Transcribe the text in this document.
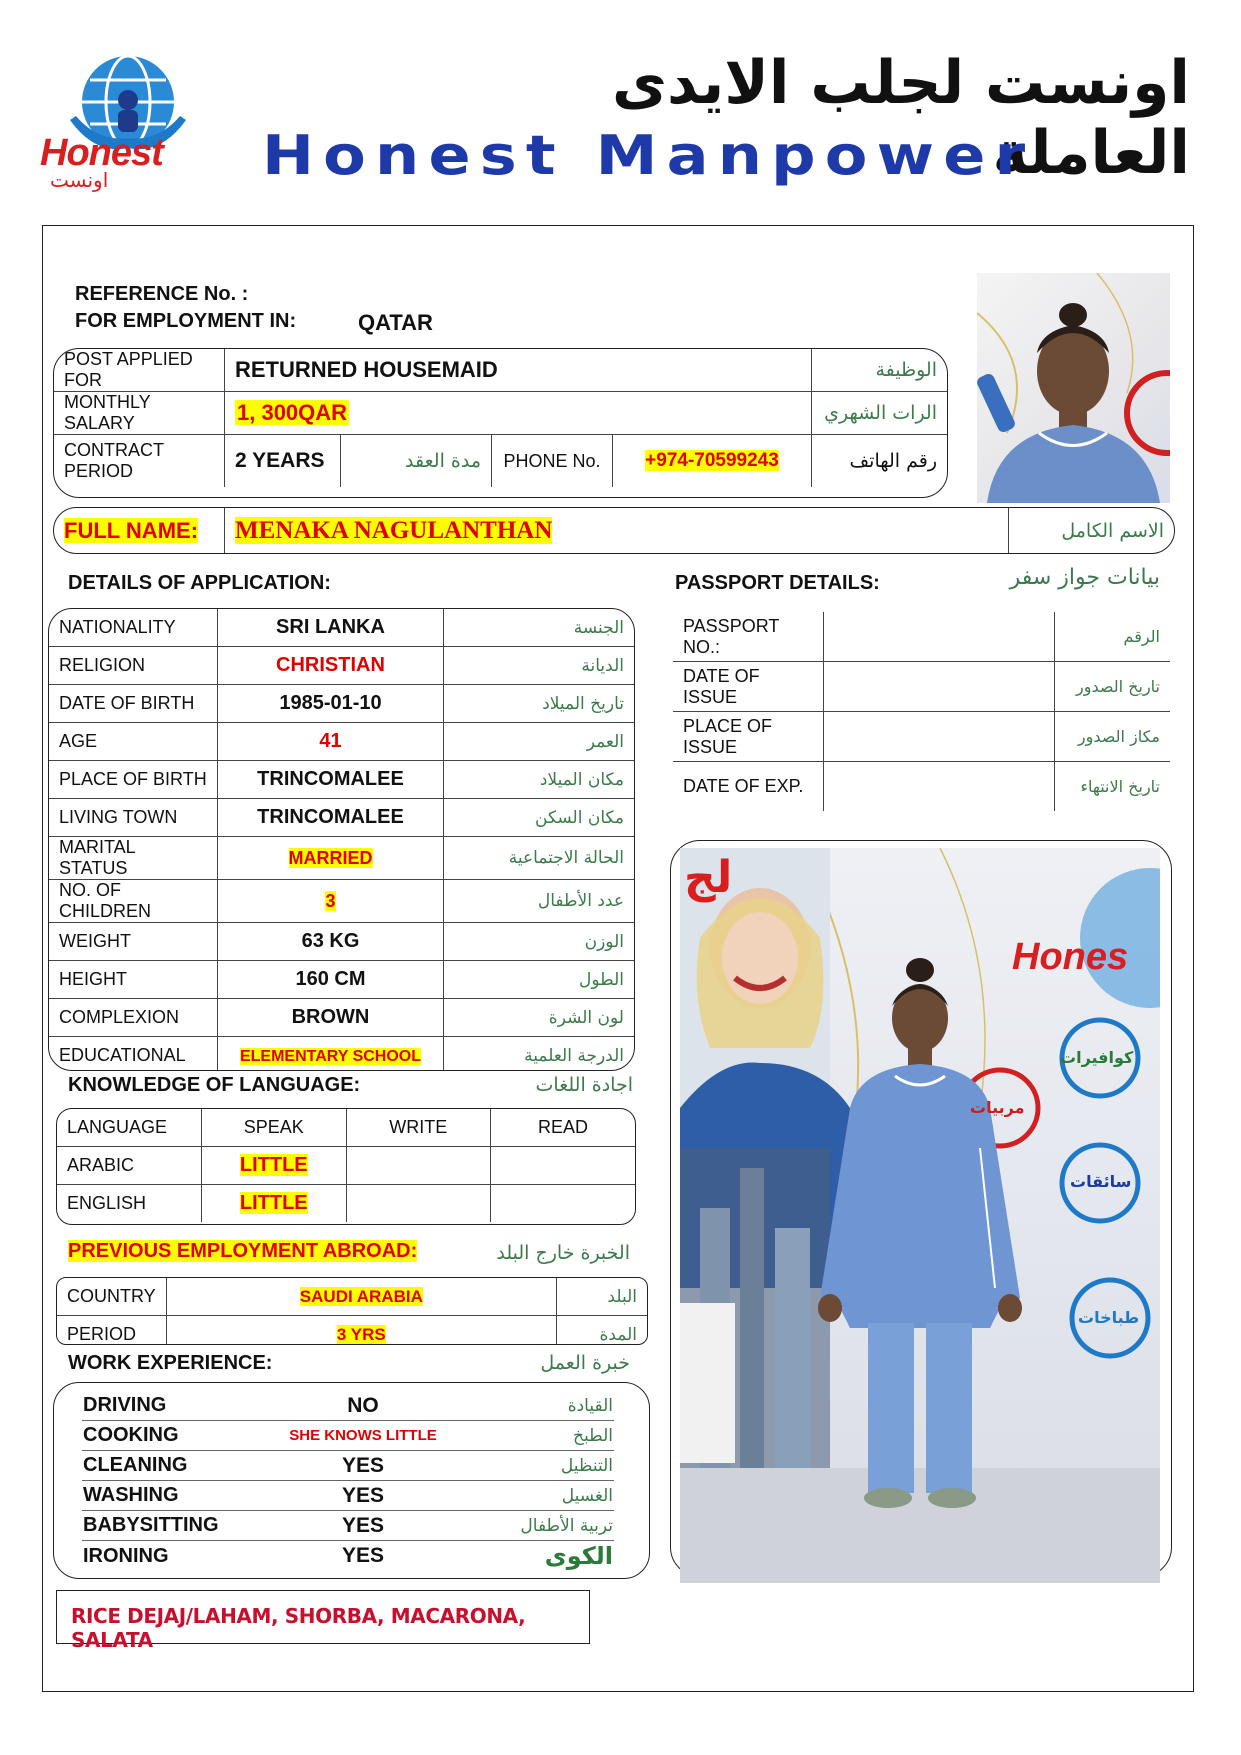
Honest
اونست
اونست لجلب الايدى العاملة
Honest Manpower
REFERENCE No. :
FOR EMPLOYMENT IN:	QATAR
POST APPLIED FOR	RETURNED HOUSEMAID				الوظيفة
MONTHLY SALARY	1, 300QAR				الرات الشهري
CONTRACT PERIOD	2 YEARS	مدة العقد	PHONE No.	+974-70599243	رقم الهاتف
FULL NAME:	MENAKA NAGULANTHAN	الاسم الكامل
DETAILS OF APPLICATION:
NATIONALITY	SRI LANKA	الجنسة
RELIGION	CHRISTIAN	الديانة
DATE OF BIRTH	1985-01-10	تاريخ الميلاد
AGE	41	العمر
PLACE OF BIRTH	TRINCOMALEE	مكان الميلاد
LIVING TOWN	TRINCOMALEE	مكان السكن
MARITAL STATUS	MARRIED	الحالة الاجتماعية
NO. OF CHILDREN	3	عدد الأطفال
WEIGHT	63 KG	الوزن
HEIGHT	160 CM	الطول
COMPLEXION	BROWN	لون الشرة
EDUCATIONAL	ELEMENTARY SCHOOL	الدرجة العلمية
PASSPORT DETAILS:	بيانات جواز سفر
PASSPORT NO.:		الرقم
DATE OF ISSUE		تاريخ الصدور
PLACE OF ISSUE		مكاز الصدور
DATE OF EXP.		تاريخ الانتهاء
KNOWLEDGE OF LANGUAGE:	اجادة اللغات
LANGUAGE	SPEAK	WRITE	READ
ARABIC	LITTLE		
ENGLISH	LITTLE		
PREVIOUS EMPLOYMENT ABROAD:	الخبرة خارج البلد
COUNTRY	SAUDI ARABIA	البلد
PERIOD	3 YRS	المدة
WORK EXPERIENCE:	خبرة العمل
DRIVING	NO	القيادة
COOKING	SHE KNOWS LITTLE	الطبخ
CLEANING	YES	التنظيل
WASHING	YES	الغسيل
BABYSITTING	YES	تربية الأطفال
IRONING	YES	الكوى
RICE DEJAJ/LAHAM, SHORBA, MACARONA, SALATA
لج
Hones
كوافيرات
مربيات
سائقات
طباخات
